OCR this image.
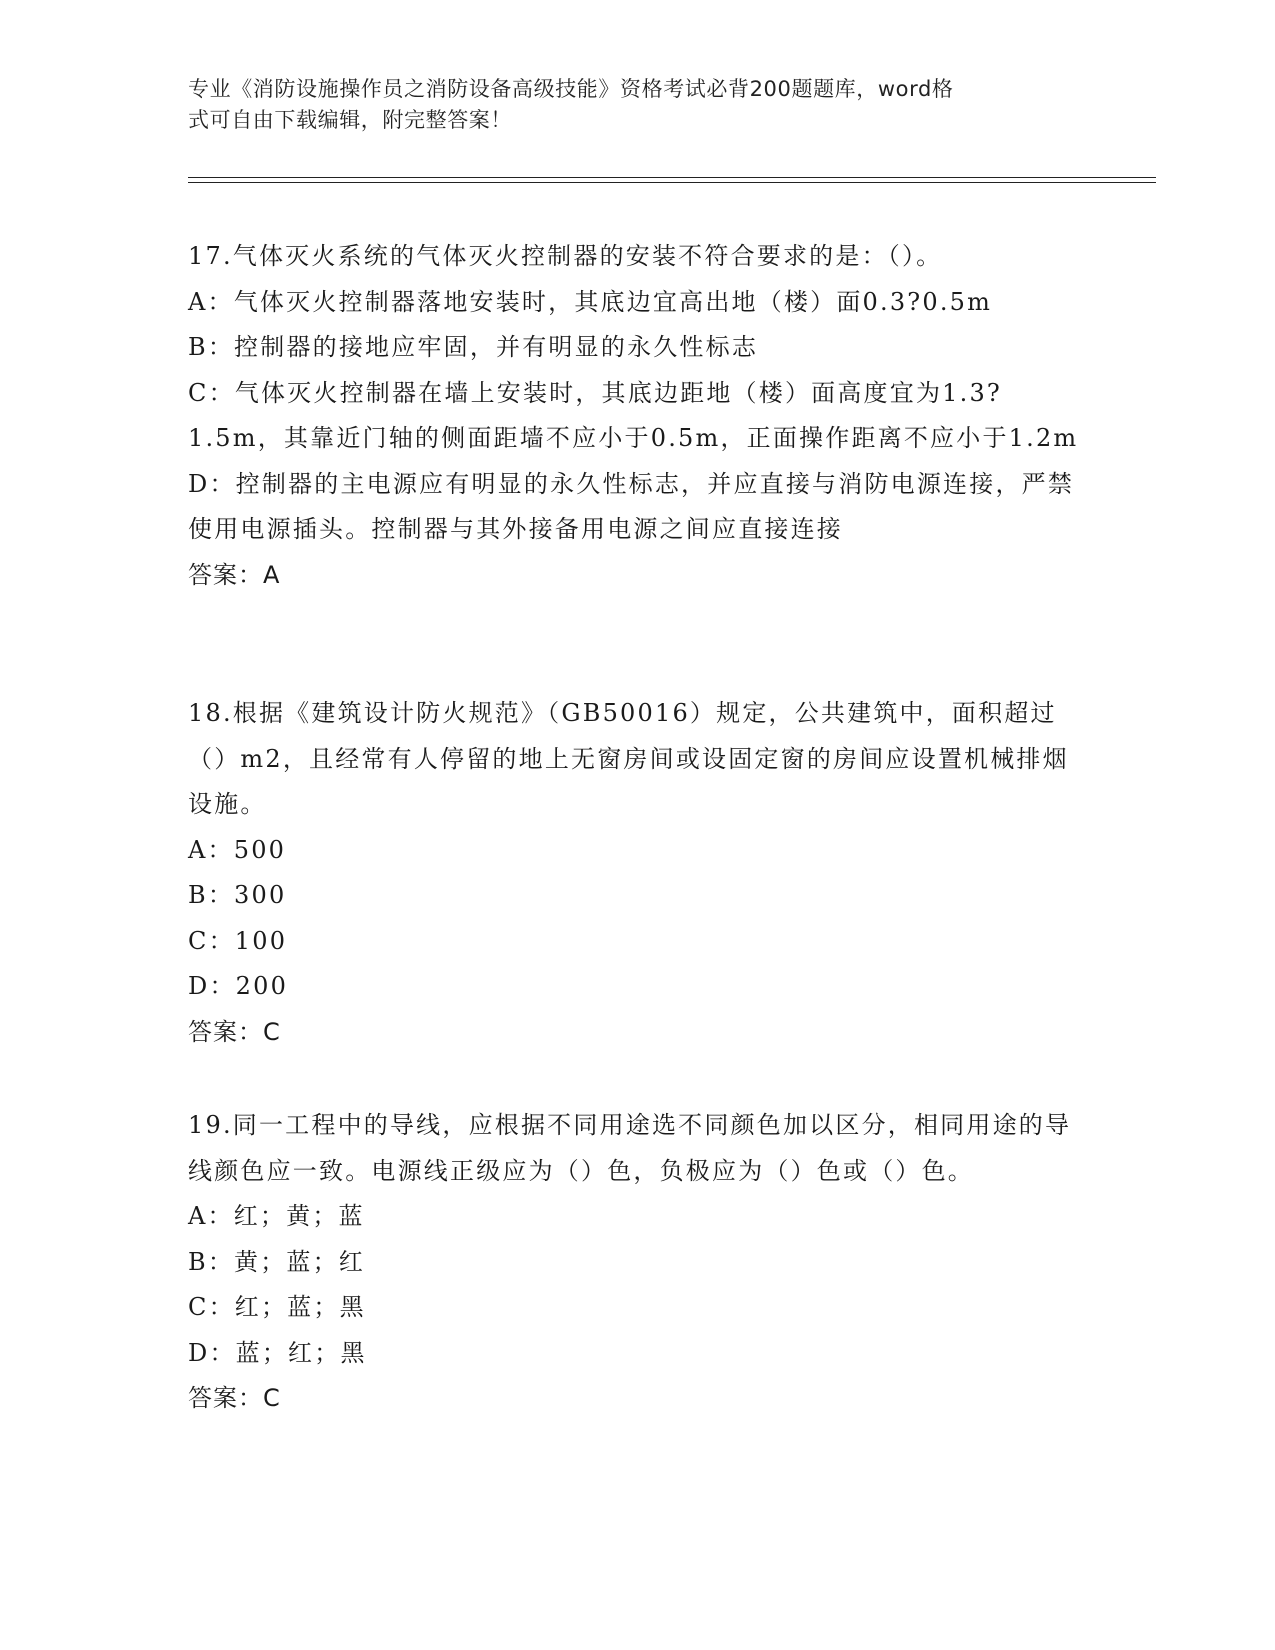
专业《消防设施操作员之消防设备高级技能》资格考试必背200题题库，word格
式可自由下载编辑，附完整答案！
17.气体灭火系统的气体灭火控制器的安装不符合要求的是：（）。
A：气体灭火控制器落地安装时，其底边宜高出地（楼）面0.3?0.5m
B：控制器的接地应牢固，并有明显的永久性标志
C：气体灭火控制器在墙上安装时，其底边距地（楼）面高度宜为1.3?1.5m，其靠近门轴的侧面距墙不应小于0.5m，正面操作距离不应小于1.2m
D：控制器的主电源应有明显的永久性标志，并应直接与消防电源连接，严禁使用电源插头。控制器与其外接备用电源之间应直接连接
答案：A
18.根据《建筑设计防火规范》（GB50016）规定，公共建筑中，面积超过（）m2，且经常有人停留的地上无窗房间或设固定窗的房间应设置机械排烟设施。
A：500
B：300
C：100
D：200
答案：C
19.同一工程中的导线，应根据不同用途选不同颜色加以区分，相同用途的导线颜色应一致。电源线正级应为（）色，负极应为（）色或（）色。
A：红；黄；蓝
B：黄；蓝；红
C：红；蓝；黑
D：蓝；红；黑
答案：C
